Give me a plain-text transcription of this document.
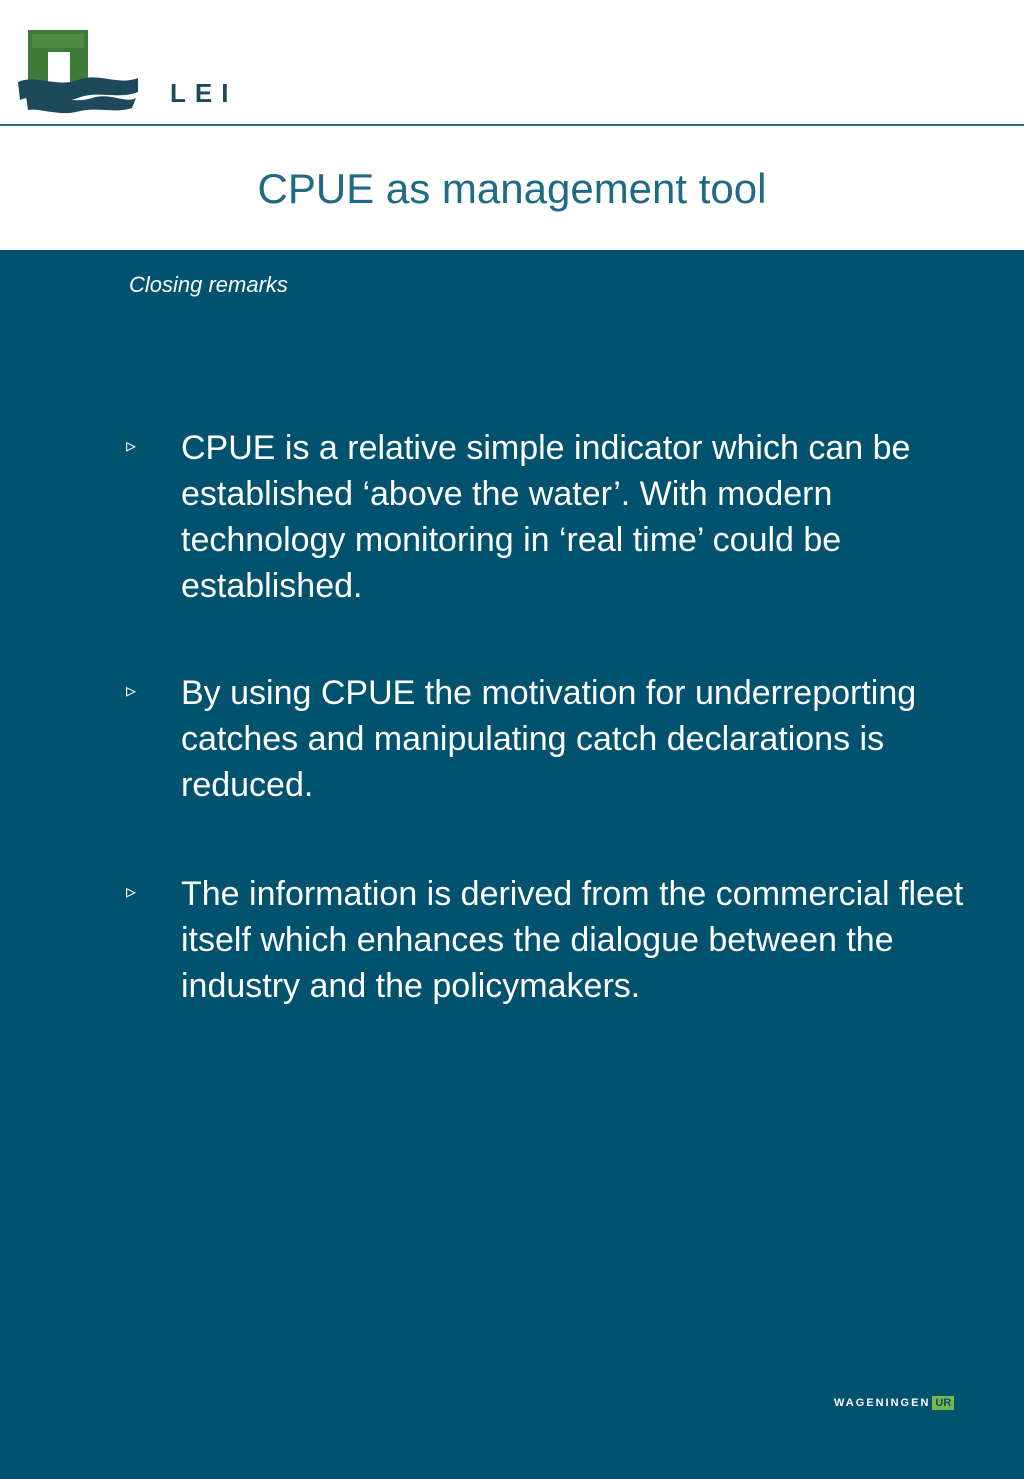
LEI
CPUE as management tool
Closing remarks
▹ CPUE is a relative simple indicator which can be established ‘above the water’. With modern technology monitoring in ‘real time’ could be established.
▹ By using CPUE the motivation for underreporting catches and manipulating catch declarations is reduced.
▹ The information is derived from the commercial fleet itself which enhances the dialogue between the industry and the policymakers.
WAGENINGEN UR
